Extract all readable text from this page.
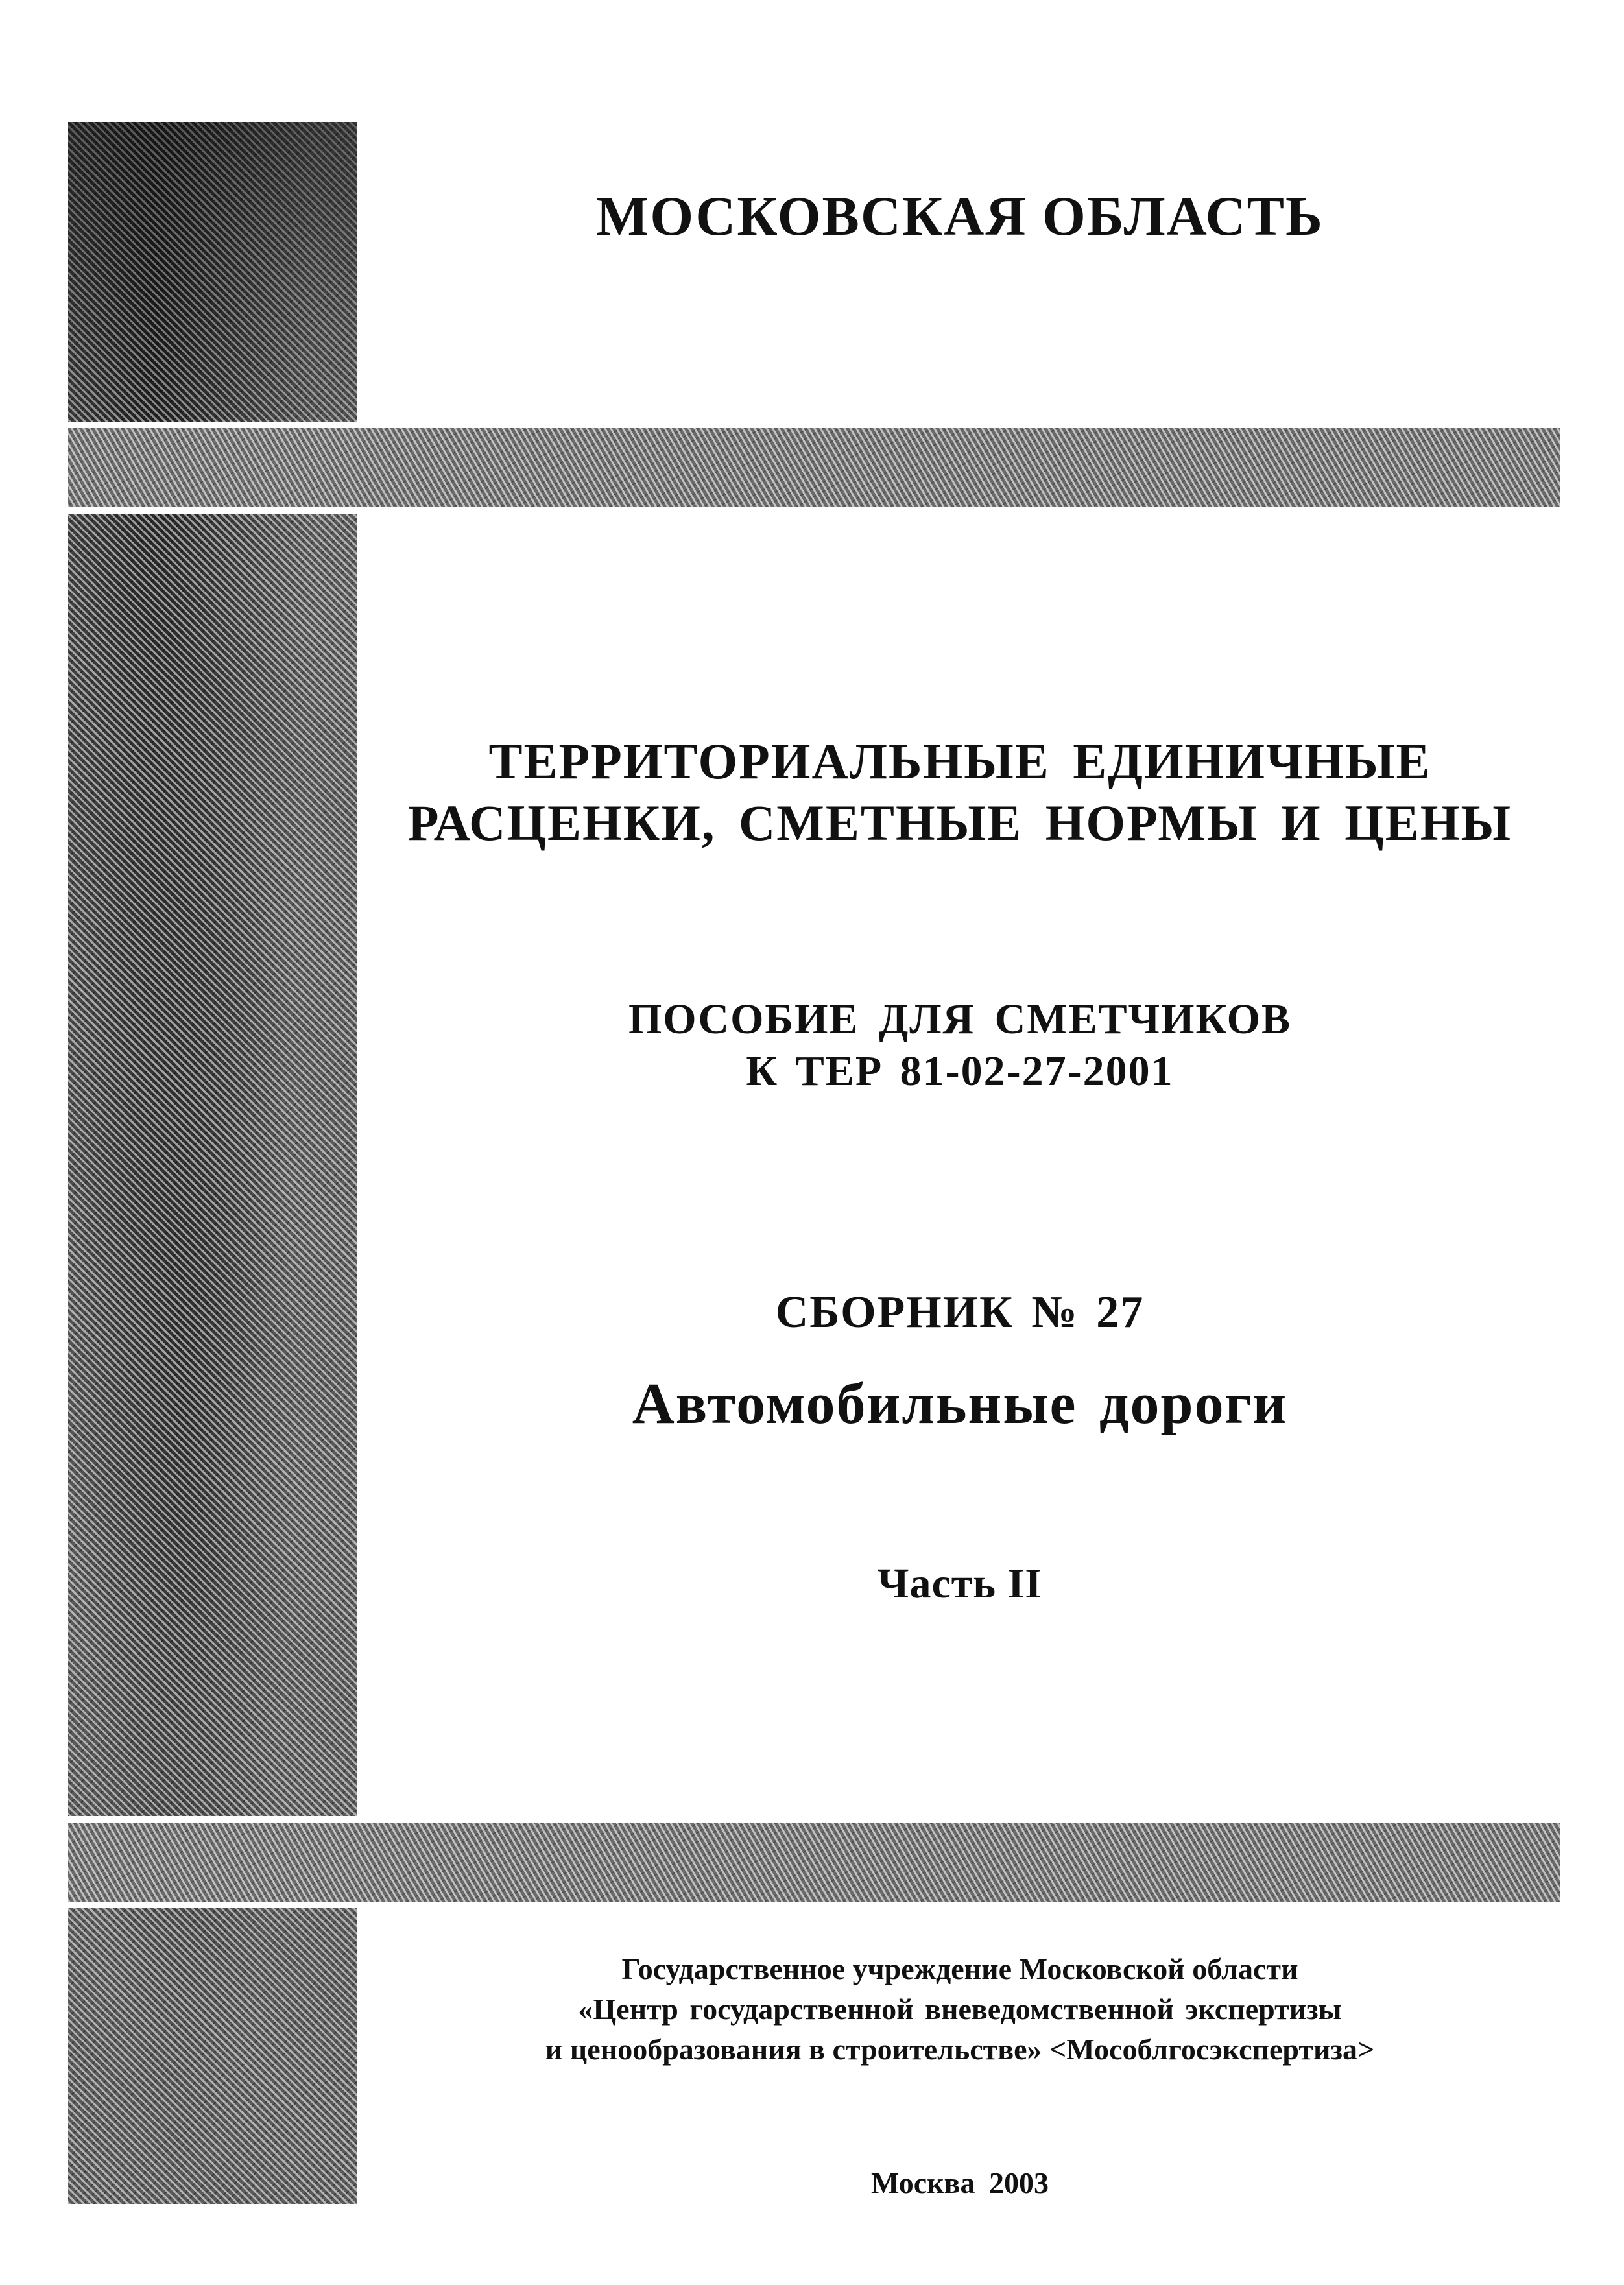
МОСКОВСКАЯ ОБЛАСТЬ

ТЕРРИТОРИАЛЬНЫЕ ЕДИНИЧНЫЕ

РАСЦЕНКИ, СМЕТНЫЕ НОРМЫ И ЦЕНЫ

ПОСОБИЕ ДЛЯ СМЕТЧИКОВ

К ТЕР 81-02-27-2001

СБОРНИК № 27

Автомобильные дороги

Часть II

Государственное учреждение Московской области

«Центр государственной вневедомственной экспертизы

и ценообразования в строительстве» <Мособлгосэкспертиза>

Москва 2003
